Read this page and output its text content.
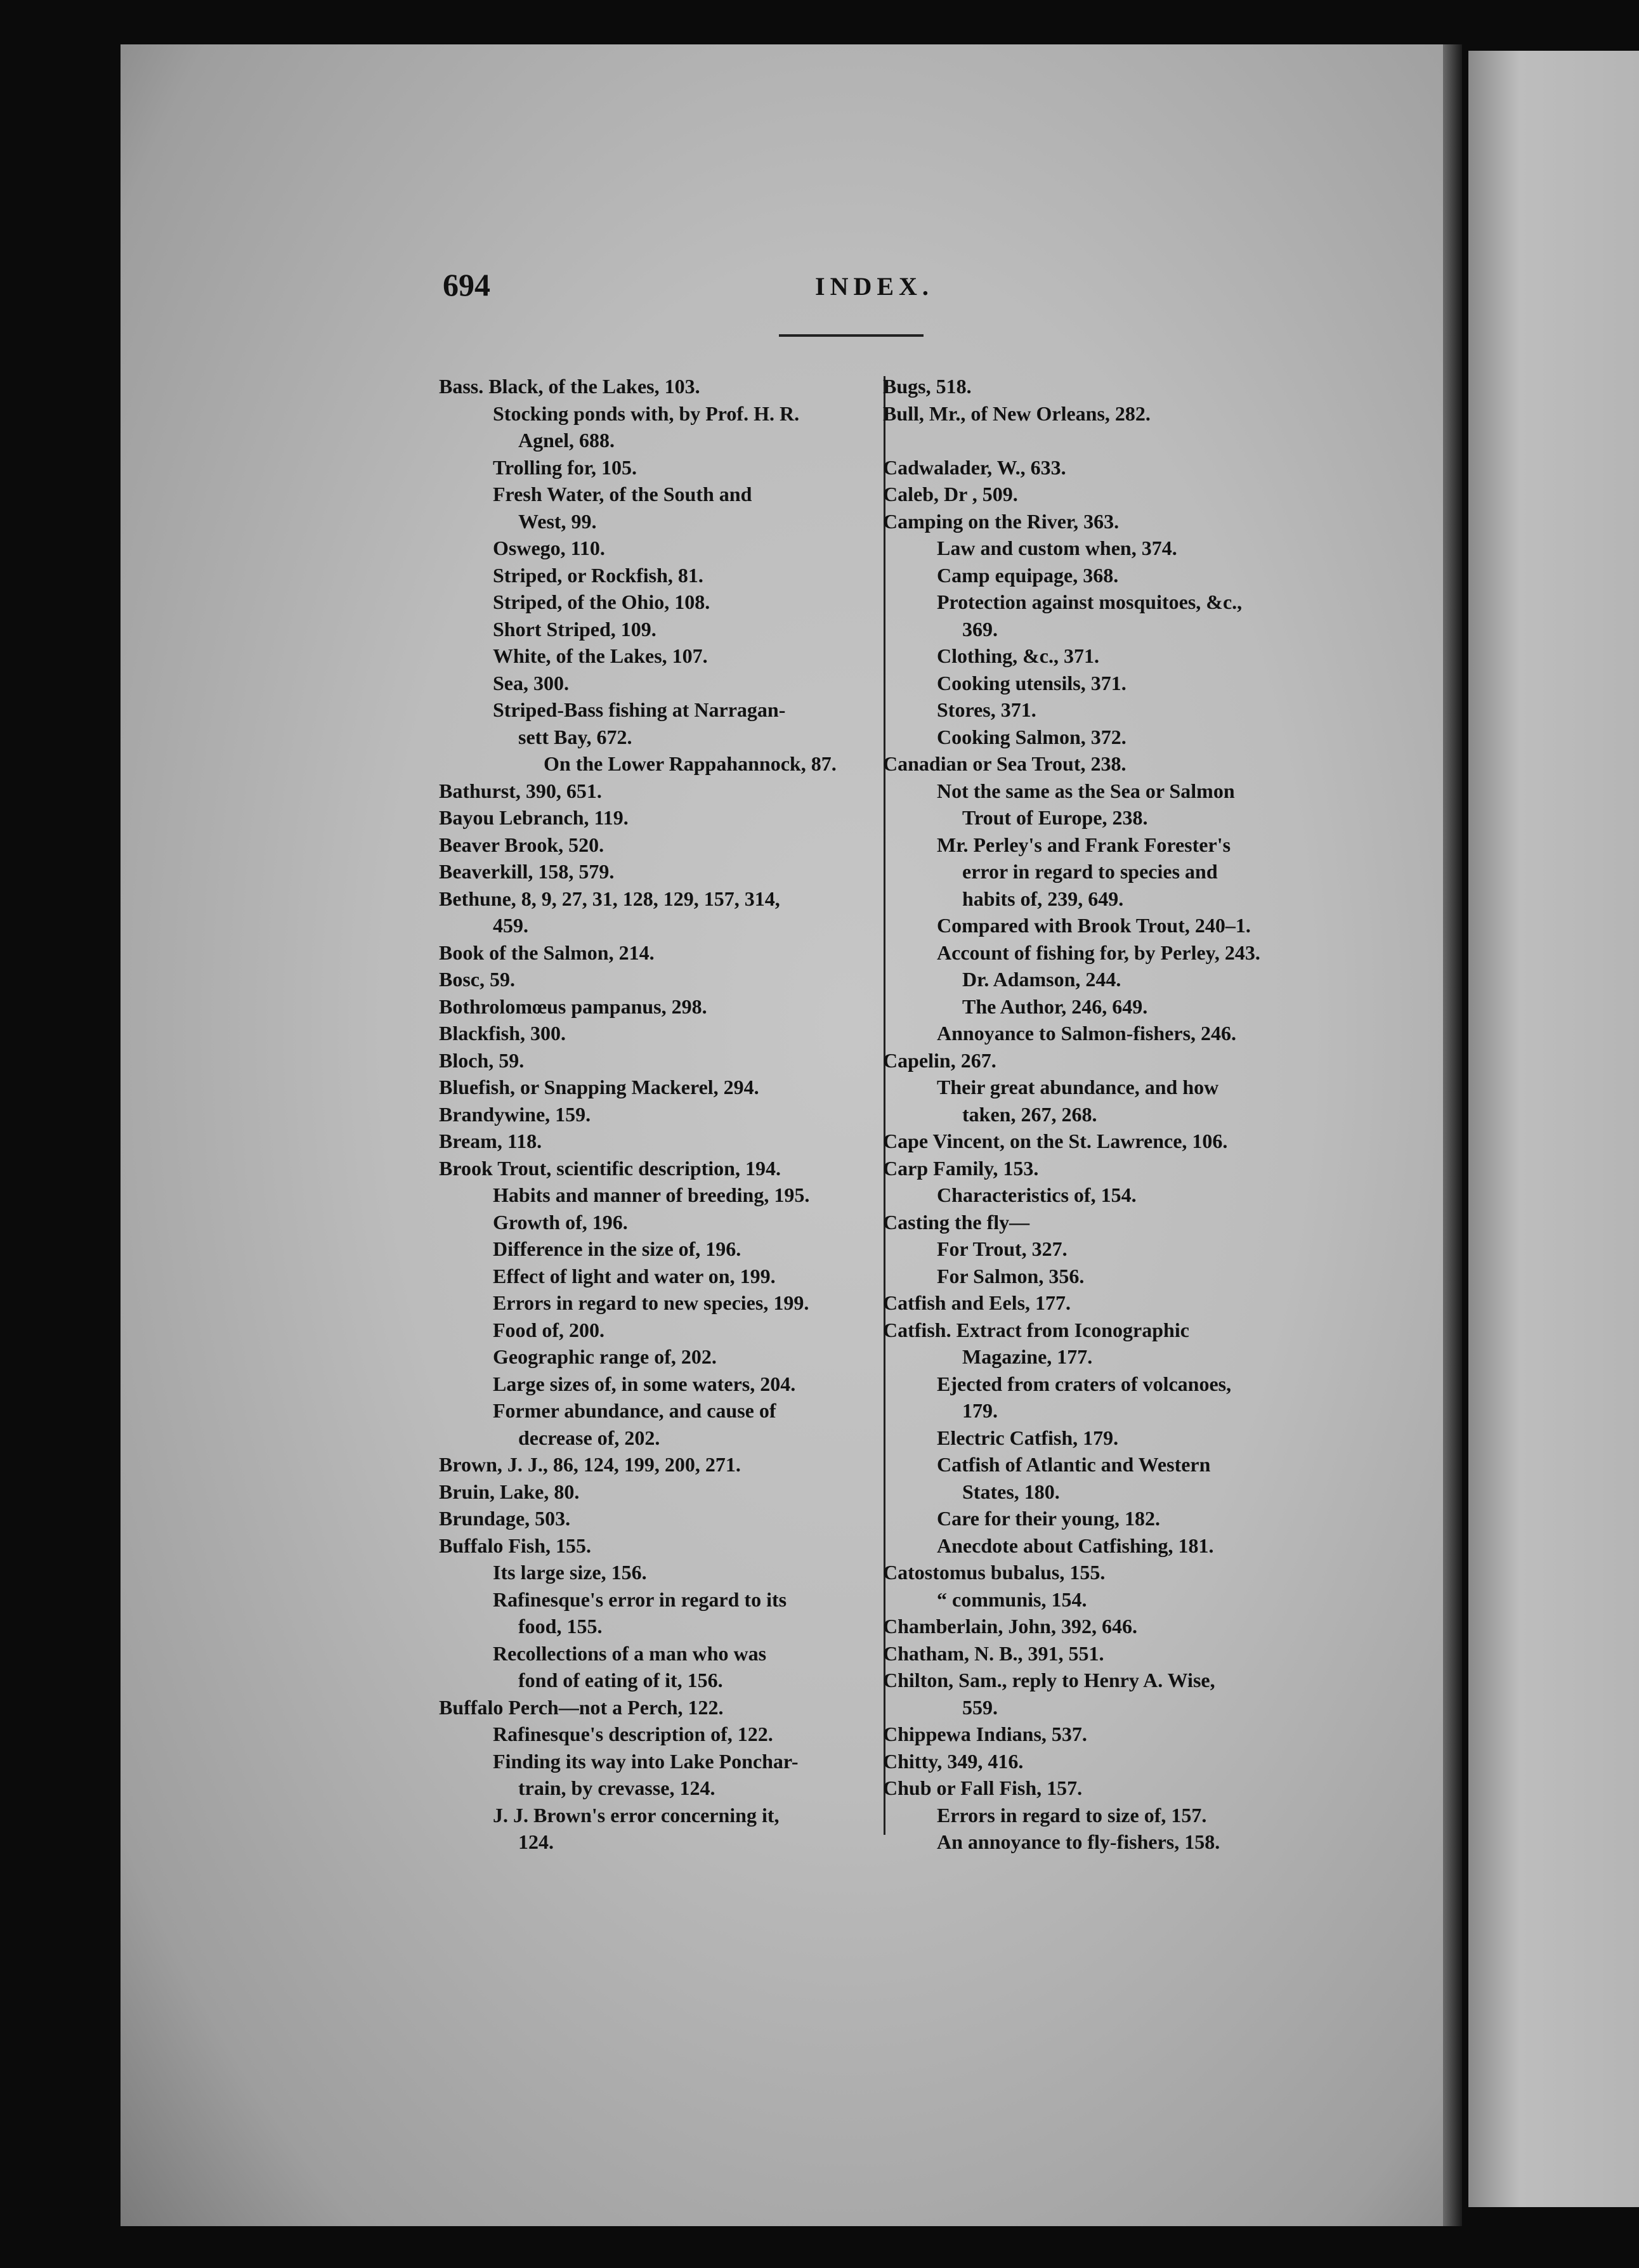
694	INDEX.

Bass. Black, of the Lakes, 103.
Stocking ponds with, by Prof. H. R.
Agnel, 688.
Trolling for, 105.
Fresh Water, of the South and
West, 99.
Oswego, 110.
Striped, or Rockfish, 81.
Striped, of the Ohio, 108.
Short Striped, 109.
White, of the Lakes, 107.
Sea, 300.
Striped-Bass fishing at Narragan-
sett Bay, 672.
On the Lower Rappahannock, 87.
Bathurst, 390, 651.
Bayou Lebranch, 119.
Beaver Brook, 520.
Beaverkill, 158, 579.
Bethune, 8, 9, 27, 31, 128, 129, 157, 314,
459.
Book of the Salmon, 214.
Bosc, 59.
Bothrolomœus pampanus, 298.
Blackfish, 300.
Bloch, 59.
Bluefish, or Snapping Mackerel, 294.
Brandywine, 159.
Bream, 118.
Brook Trout, scientific description, 194.
Habits and manner of breeding, 195.
Growth of, 196.
Difference in the size of, 196.
Effect of light and water on, 199.
Errors in regard to new species, 199.
Food of, 200.
Geographic range of, 202.
Large sizes of, in some waters, 204.
Former abundance, and cause of
decrease of, 202.
Brown, J. J., 86, 124, 199, 200, 271.
Bruin, Lake, 80.
Brundage, 503.
Buffalo Fish, 155.
Its large size, 156.
Rafinesque's error in regard to its
food, 155.
Recollections of a man who was
fond of eating of it, 156.
Buffalo Perch—not a Perch, 122.
Rafinesque's description of, 122.
Finding its way into Lake Ponchar-
train, by crevasse, 124.
J. J. Brown's error concerning it,
124.
Bugs, 518.
Bull, Mr., of New Orleans, 282.
Cadwalader, W., 633.
Caleb, Dr , 509.
Camping on the River, 363.
Law and custom when, 374.
Camp equipage, 368.
Protection against mosquitoes, &c.,
369.
Clothing, &c., 371.
Cooking utensils, 371.
Stores, 371.
Cooking Salmon, 372.
Canadian or Sea Trout, 238.
Not the same as the Sea or Salmon
Trout of Europe, 238.
Mr. Perley's and Frank Forester's
error in regard to species and
habits of, 239, 649.
Compared with Brook Trout, 240–1.
Account of fishing for, by Perley, 243.
Dr. Adamson, 244.
The Author, 246, 649.
Annoyance to Salmon-fishers, 246.
Capelin, 267.
Their great abundance, and how
taken, 267, 268.
Cape Vincent, on the St. Lawrence, 106.
Carp Family, 153.
Characteristics of, 154.
Casting the fly—
For Trout, 327.
For Salmon, 356.
Catfish and Eels, 177.
Catfish. Extract from Iconographic
Magazine, 177.
Ejected from craters of volcanoes,
179.
Electric Catfish, 179.
Catfish of Atlantic and Western
States, 180.
Care for their young, 182.
Anecdote about Catfishing, 181.
Catostomus bubalus, 155.
“ communis, 154.
Chamberlain, John, 392, 646.
Chatham, N. B., 391, 551.
Chilton, Sam., reply to Henry A. Wise,
559.
Chippewa Indians, 537.
Chitty, 349, 416.
Chub or Fall Fish, 157.
Errors in regard to size of, 157.
An annoyance to fly-fishers, 158.
